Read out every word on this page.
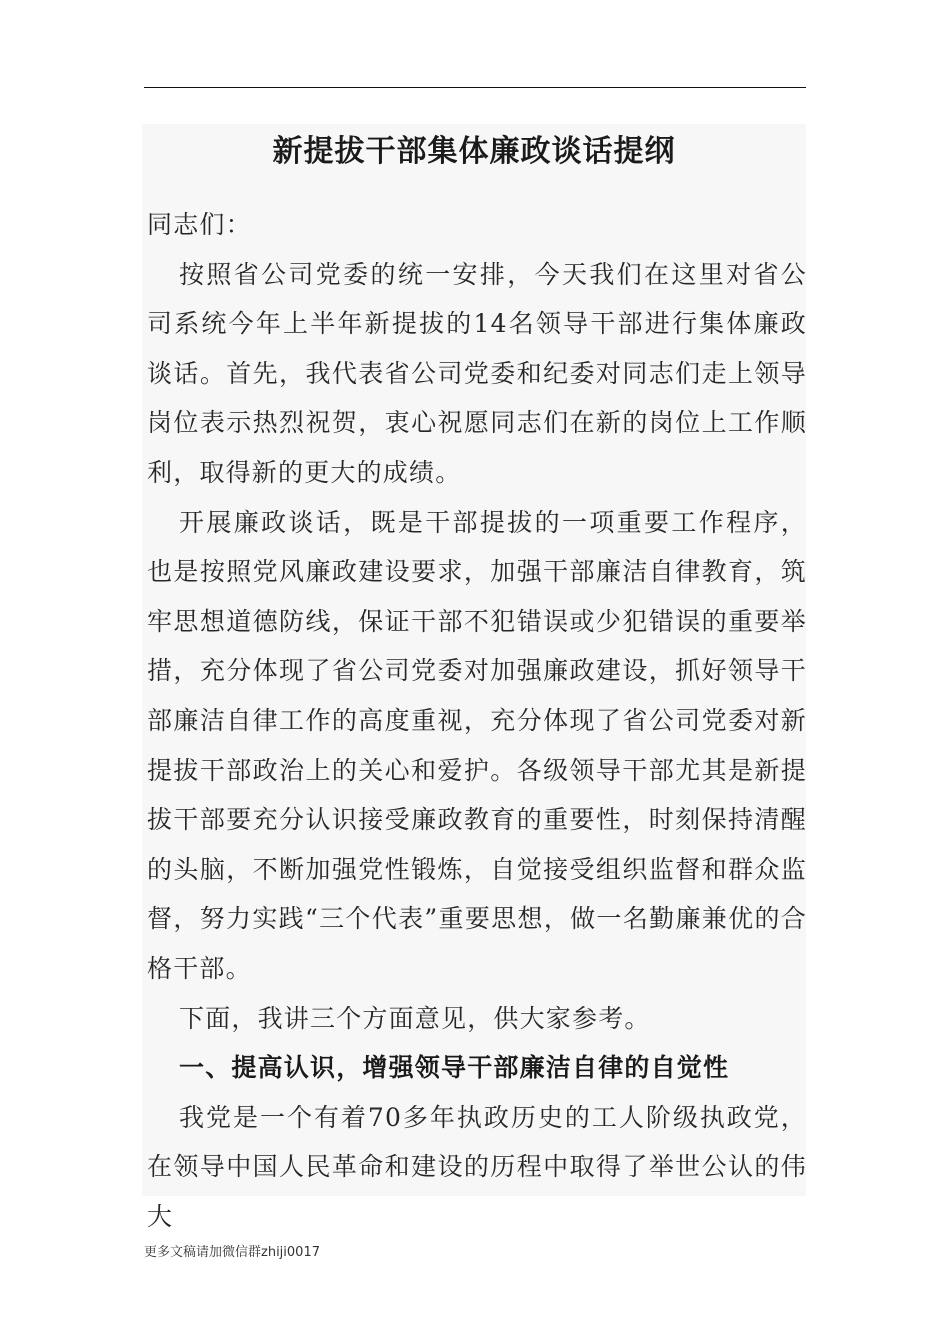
新提拔干部集体廉政谈话提纲

同志们：

按照省公司党委的统一安排，今天我们在这里对省公司系统今年上半年新提拔的14名领导干部进行集体廉政谈话。首先，我代表省公司党委和纪委对同志们走上领导岗位表示热烈祝贺，衷心祝愿同志们在新的岗位上工作顺利，取得新的更大的成绩。

开展廉政谈话，既是干部提拔的一项重要工作程序，也是按照党风廉政建设要求，加强干部廉洁自律教育，筑牢思想道德防线，保证干部不犯错误或少犯错误的重要举措，充分体现了省公司党委对加强廉政建设，抓好领导干部廉洁自律工作的高度重视，充分体现了省公司党委对新提拔干部政治上的关心和爱护。各级领导干部尤其是新提拔干部要充分认识接受廉政教育的重要性，时刻保持清醒的头脑，不断加强党性锻炼，自觉接受组织监督和群众监督，努力实践“三个代表”重要思想，做一名勤廉兼优的合格干部。

下面，我讲三个方面意见，供大家参考。

一、提高认识，增强领导干部廉洁自律的自觉性

我党是一个有着70多年执政历史的工人阶级执政党，在领导中国人民革命和建设的历程中取得了举世公认的伟大

更多文稿请加微信群zhiji0017
